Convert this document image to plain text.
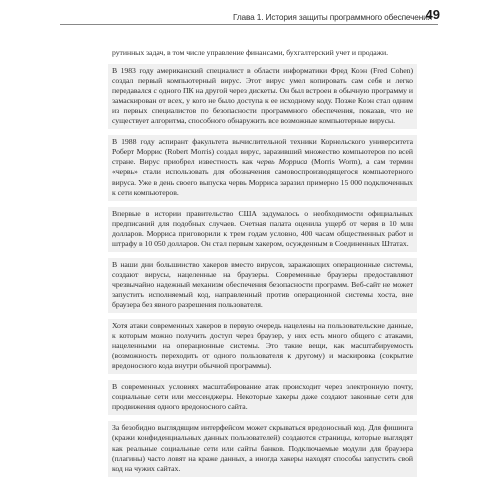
Глава 1. История защиты программного обеспечения
49

рутинных задач, в том числе управление финансами, бухгалтерский учет и продажи.

В 1983 году американский специалист в области информатики Фред Коэн (Fred Cohen) создал первый компьютерный вирус. Этот вирус умел копировать сам себя и легко передавался с одного ПК на другой через дискеты. Он был встроен в обычную программу и замаскирован от всех, у кого не было доступа к ее исходному коду. Позже Коэн стал одним из первых специалистов по безопасности программного обеспечения, показав, что не существует алгоритма, способного обнаружить все возможные компьютерные вирусы.

В 1988 году аспирант факультета вычислительной техники Корнельского университета Роберт Моррис (Robert Morris) создал вирус, заразивший множество компьютеров по всей стране. Вирус приобрел известность как червь Морриса (Morris Worm), а сам термин «червь» стали использовать для обозначения самовоспроизводящегося компьютерного вируса. Уже в день своего выпуска червь Морриса заразил примерно 15 000 подключенных к сети компьютеров.

Впервые в истории правительство США задумалось о необходимости официальных предписаний для подобных случаев. Счетная палата оценила ущерб от червя в 10 млн долларов. Морриса приговорили к трем годам условно, 400 часам общественных работ и штрафу в 10 050 долларов. Он стал первым хакером, осужденным в Соединенных Штатах.

В наши дни большинство хакеров вместо вирусов, заражающих операционные системы, создают вирусы, нацеленные на браузеры. Современные браузеры предоставляют чрезвычайно надежный механизм обеспечения безопасности программ. Веб-сайт не может запустить исполняемый код, направленный против операционной системы хоста, вне браузера без явного разрешения пользователя.

Хотя атаки современных хакеров в первую очередь нацелены на пользовательские данные, к которым можно получить доступ через браузер, у них есть много общего с атаками, нацеленными на операционные системы. Это такие вещи, как масштабируемость (возможность переходить от одного пользователя к другому) и маскировка (сокрытие вредоносного кода внутри обычной программы).

В современных условиях масштабирование атак происходит через электронную почту, социальные сети или мессенджеры. Некоторые хакеры даже создают законные сети для продвижения одного вредоносного сайта.

За безобидно выглядящим интерфейсом может скрываться вредоносный код. Для фишинга (кражи конфиденциальных данных пользователей) создаются страницы, которые выглядят как реальные социальные сети или сайты банков. Подключаемые модули для браузера (плагины) часто ловят на краже данных, а иногда хакеры находят способы запустить свой код на чужих сайтах.
